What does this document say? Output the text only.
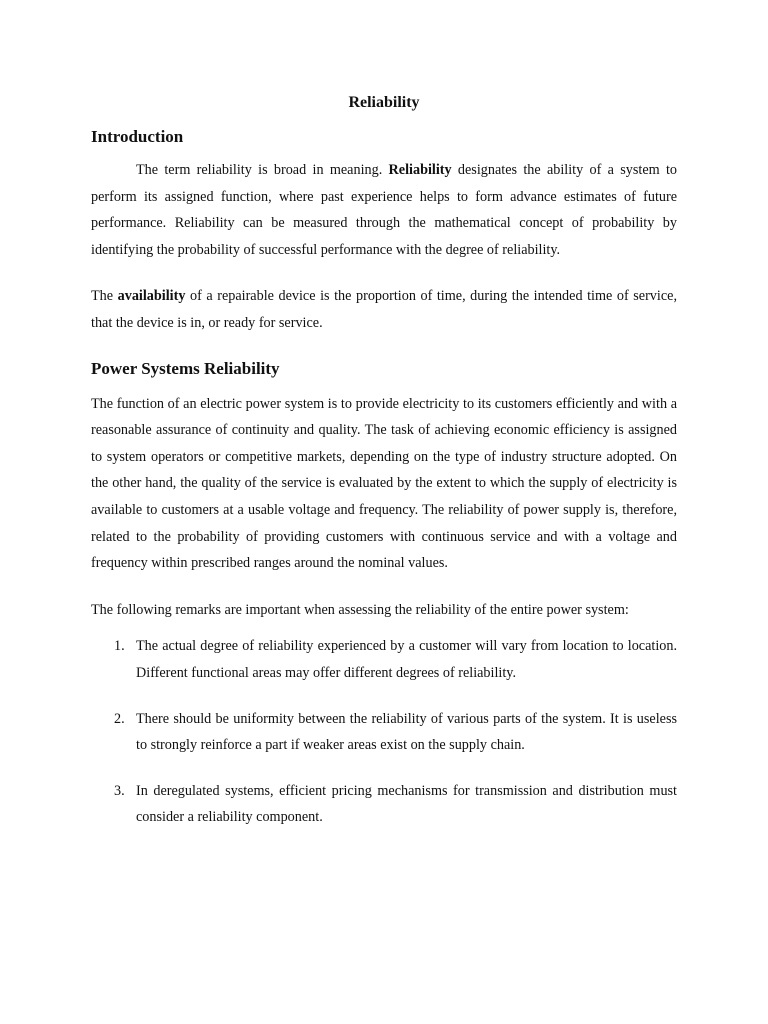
Reliability
Introduction

The term reliability is broad in meaning. Reliability designates the ability of a system to perform its assigned function, where past experience helps to form advance estimates of future performance. Reliability can be measured through the mathematical concept of probability by identifying the probability of successful performance with the degree of reliability.

The availability of a repairable device is the proportion of time, during the intended time of service, that the device is in, or ready for service.

Power Systems Reliability

The function of an electric power system is to provide electricity to its customers efficiently and with a reasonable assurance of continuity and quality. The task of achieving economic efficiency is assigned to system operators or competitive markets, depending on the type of industry structure adopted. On the other hand, the quality of the service is evaluated by the extent to which the supply of electricity is available to customers at a usable voltage and frequency. The reliability of power supply is, therefore, related to the probability of providing customers with continuous service and with a voltage and frequency within prescribed ranges around the nominal values.

The following remarks are important when assessing the reliability of the entire power system:

1. The actual degree of reliability experienced by a customer will vary from location to location. Different functional areas may offer different degrees of reliability.
2. There should be uniformity between the reliability of various parts of the system. It is useless to strongly reinforce a part if weaker areas exist on the supply chain.
3. In deregulated systems, efficient pricing mechanisms for transmission and distribution must consider a reliability component.
